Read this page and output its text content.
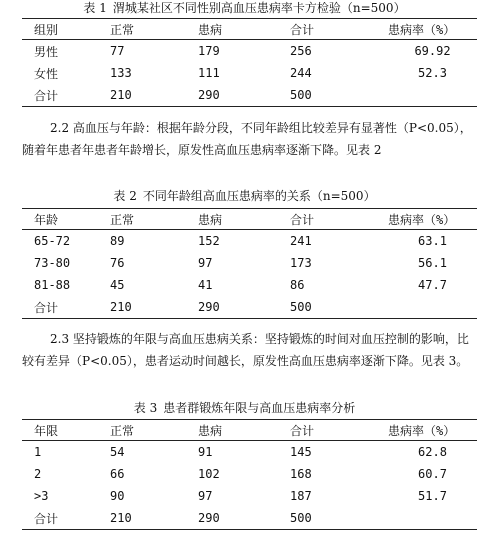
表 1 渭城某社区不同性别高血压患病率卡方检验（n=500）
组别	正常	患病	合计	患病率（%）
男性	77	179	256	69.92
女性	133	111	244	52.3
合计	210	290	500	

2.2 高血压与年龄：根据年龄分段，不同年龄组比较差异有显著性（P<0.05），随着年患者年患者年龄增长，原发性高血压患病率逐渐下降。见表 2

表 2 不同年龄组高血压患病率的关系（n=500）
年龄	正常	患病	合计	患病率（%）
65-72	89	152	241	63.1
73-80	76	97	173	56.1
81-88	45	41	86	47.7
合计	210	290	500	

2.3 坚持锻炼的年限与高血压患病关系：坚持锻炼的时间对血压控制的影响，比较有差异（P<0.05），患者运动时间越长，原发性高血压患病率逐渐下降。见表 3。

表 3 患者群锻炼年限与高血压患病率分析
年限	正常	患病	合计	患病率（%）
1	54	91	145	62.8
2	66	102	168	60.7
>3	90	97	187	51.7
合计	210	290	500	
